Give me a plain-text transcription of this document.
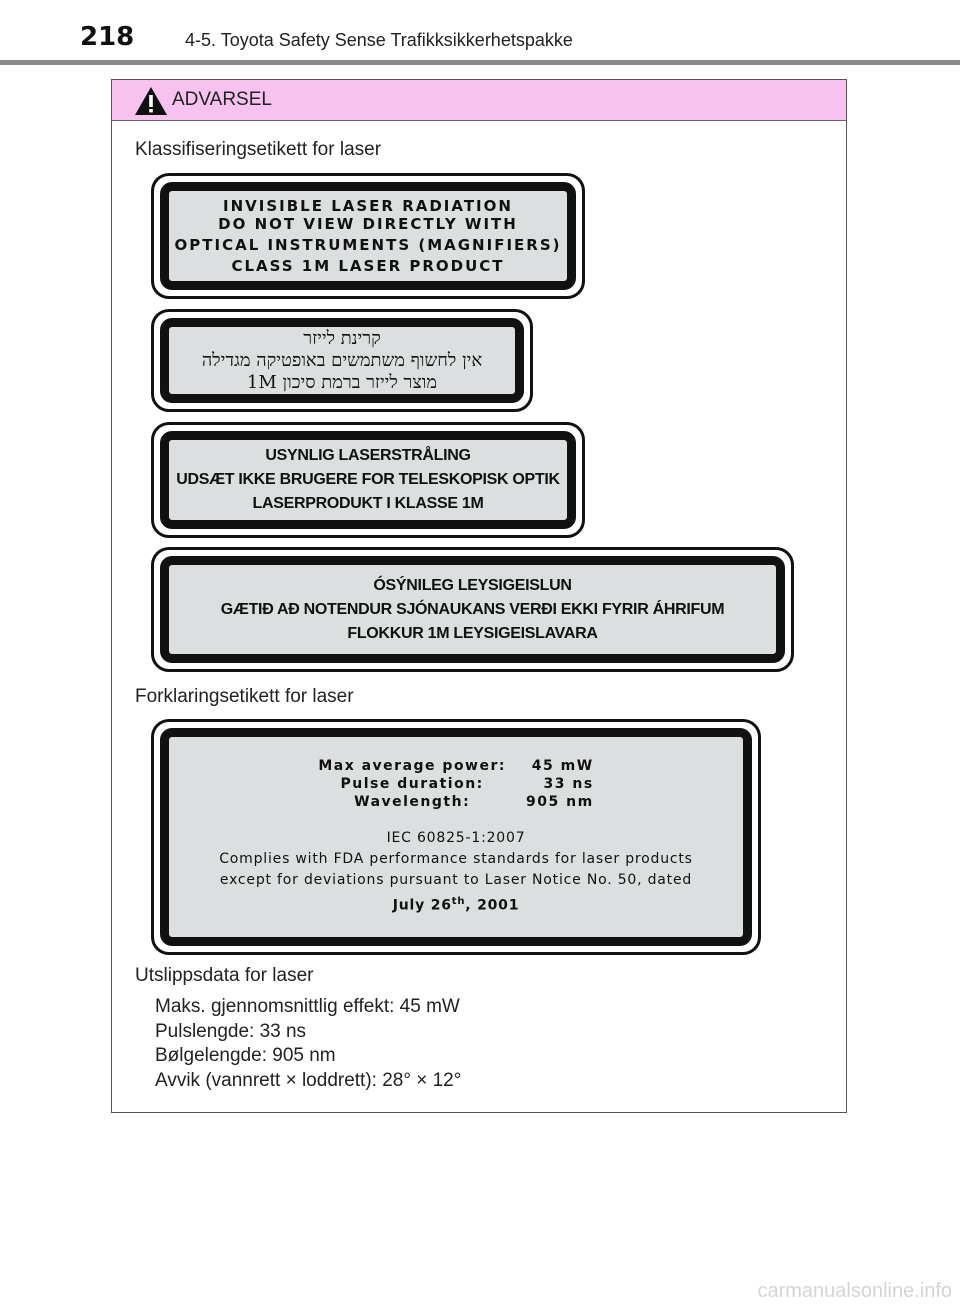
218	4-5. Toyota Safety Sense Trafikksikkerhetspakke
ADVARSEL
Klassifiseringsetikett for laser
INVISIBLE LASER RADIATION
DO NOT VIEW DIRECTLY WITH
OPTICAL INSTRUMENTS (MAGNIFIERS)
CLASS 1M LASER PRODUCT
קרינת לייזר
אין לחשוף משתמשים באופטיקה מגדילה
מוצר לייזר ברמת סיכון 1M
USYNLIG LASERSTRÅLING
UDSÆT IKKE BRUGERE FOR TELESKOPISK OPTIK
LASERPRODUKT I KLASSE 1M
ÓSÝNILEG LEYSIGEISLUN
GÆTIÐ AÐ NOTENDUR SJÓNAUKANS VERÐI EKKI FYRIR ÁHRIFUM
FLOKKUR 1M LEYSIGEISLAVARA
Forklaringsetikett for laser
Max average power:	45 mW
Pulse duration:	33 ns
Wavelength:	905 nm
IEC 60825-1:2007
Complies with FDA performance standards for laser products
except for deviations pursuant to Laser Notice No. 50, dated
July 26th, 2001
Utslippsdata for laser
Maks. gjennomsnittlig effekt: 45 mW
Pulslengde: 33 ns
Bølgelengde: 905 nm
Avvik (vannrett × loddrett): 28° × 12°
carmanualsonline.info
